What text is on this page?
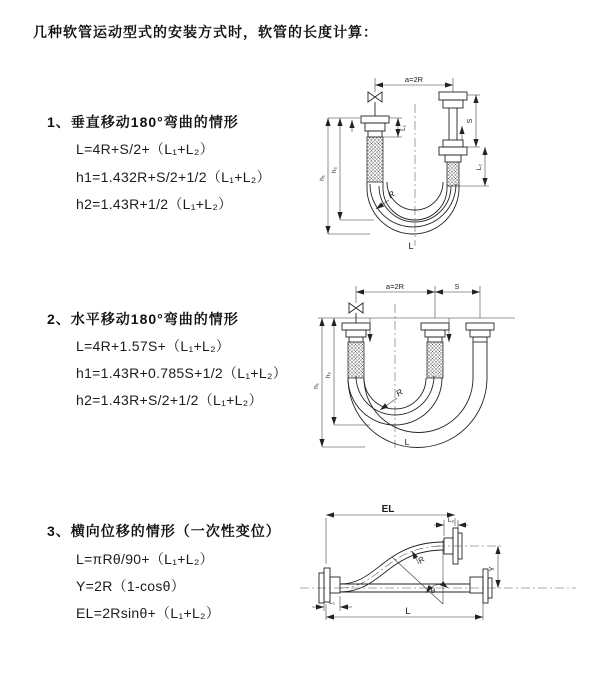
几种软管运动型式的安装方式时，软管的长度计算：
1、垂直移动180°弯曲的情形
L=4R+S/2+（L₁+L₂）
h1=1.432R+S/2+1/2（L₁+L₂）
h2=1.43R+1/2（L₁+L₂）
2、水平移动180°弯曲的情形
L=4R+1.57S+（L₁+L₂）
h1=1.43R+0.785S+1/2（L₁+L₂）
h2=1.43R+S/2+1/2（L₁+L₂）
3、横向位移的情形（一次性变位）
L=πRθ/90+（L₁+L₂）
Y=2R（1-cosθ）
EL=2Rsinθ+（L₁+L₂）
a=2R
L₁
S
L₂
h₁
h₂
R
L
a=2R	S
h₁
h₂
R
L
EL
L₂
Y
L₁
L
R
θ
